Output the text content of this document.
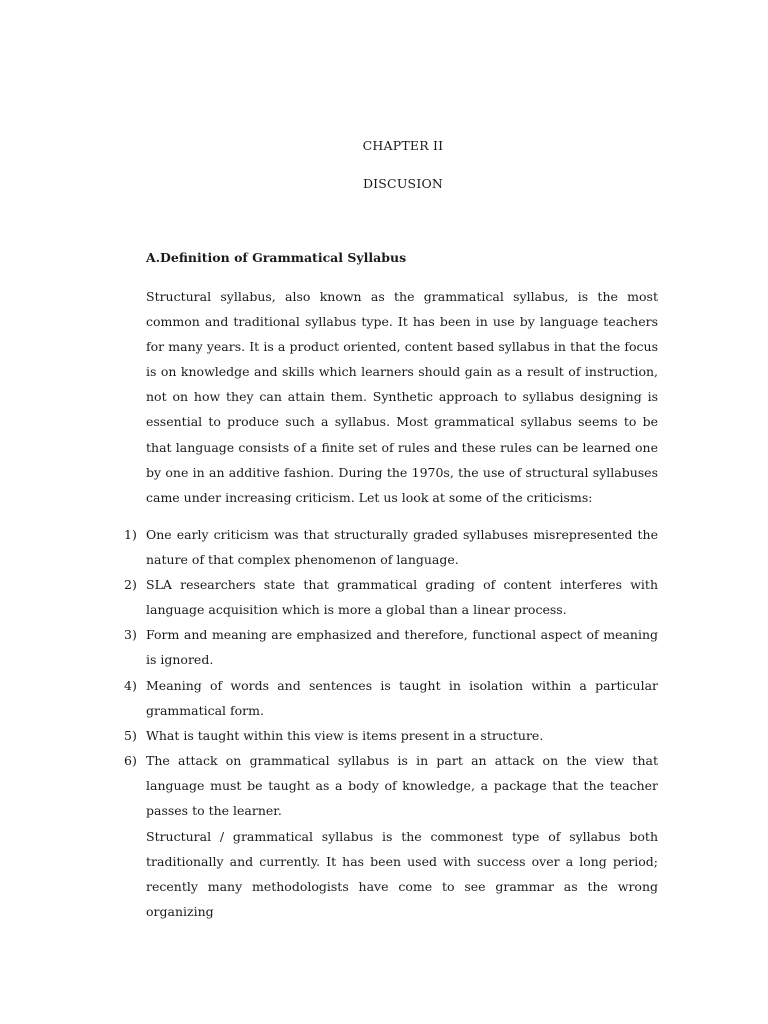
CHAPTER II
DISCUSION
A.Definition of Grammatical Syllabus

Structural syllabus, also known as the grammatical syllabus, is the most common and traditional syllabus type. It has been in use by language teachers for many years. It is a product oriented, content based syllabus in that the focus is on knowledge and skills which learners should gain as a result of instruction, not on how they can attain them. Synthetic approach to syllabus designing is essential to produce such a syllabus. Most grammatical syllabus seems to be that language consists of a finite set of rules and these rules can be learned one by one in an additive fashion. During the 1970s, the use of structural syllabuses came under increasing criticism. Let us look at some of the criticisms:

1) One early criticism was that structurally graded syllabuses misrepresented the nature of that complex phenomenon of language.
2) SLA researchers state that grammatical grading of content interferes with language acquisition which is more a global than a linear process.
3) Form and meaning are emphasized and therefore, functional aspect of meaning is ignored.
4) Meaning of words and sentences is taught in isolation within a particular grammatical form.
5) What is taught within this view is items present in a structure.
6) The attack on grammatical syllabus is in part an attack on the view that language must be taught as a body of knowledge, a package that the teacher passes to the learner.

Structural / grammatical syllabus is the commonest type of syllabus both traditionally and currently. It has been used with success over a long period; recently many methodologists have come to see grammar as the wrong organizing
